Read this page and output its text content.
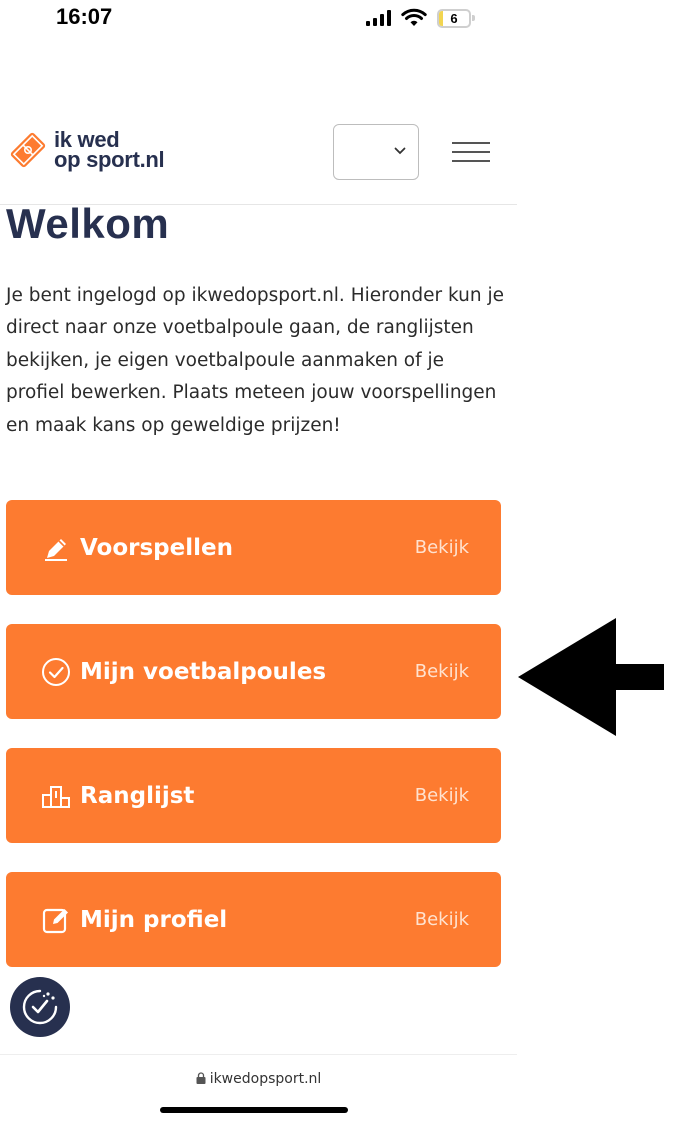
16:07	6
ik wed
op sport.nl
Welkom

Je bent ingelogd op ikwedopsport.nl. Hieronder kun je direct naar onze voetbalpoule gaan, de ranglijsten bekijken, je eigen voetbalpoule aanmaken of je profiel bewerken. Plaats meteen jouw voorspellingen en maak kans op geweldige prijzen!

Voorspellen	Bekijk
Mijn voetbalpoules	Bekijk
Ranglijst	Bekijk
Mijn profiel	Bekijk
ikwedopsport.nl
